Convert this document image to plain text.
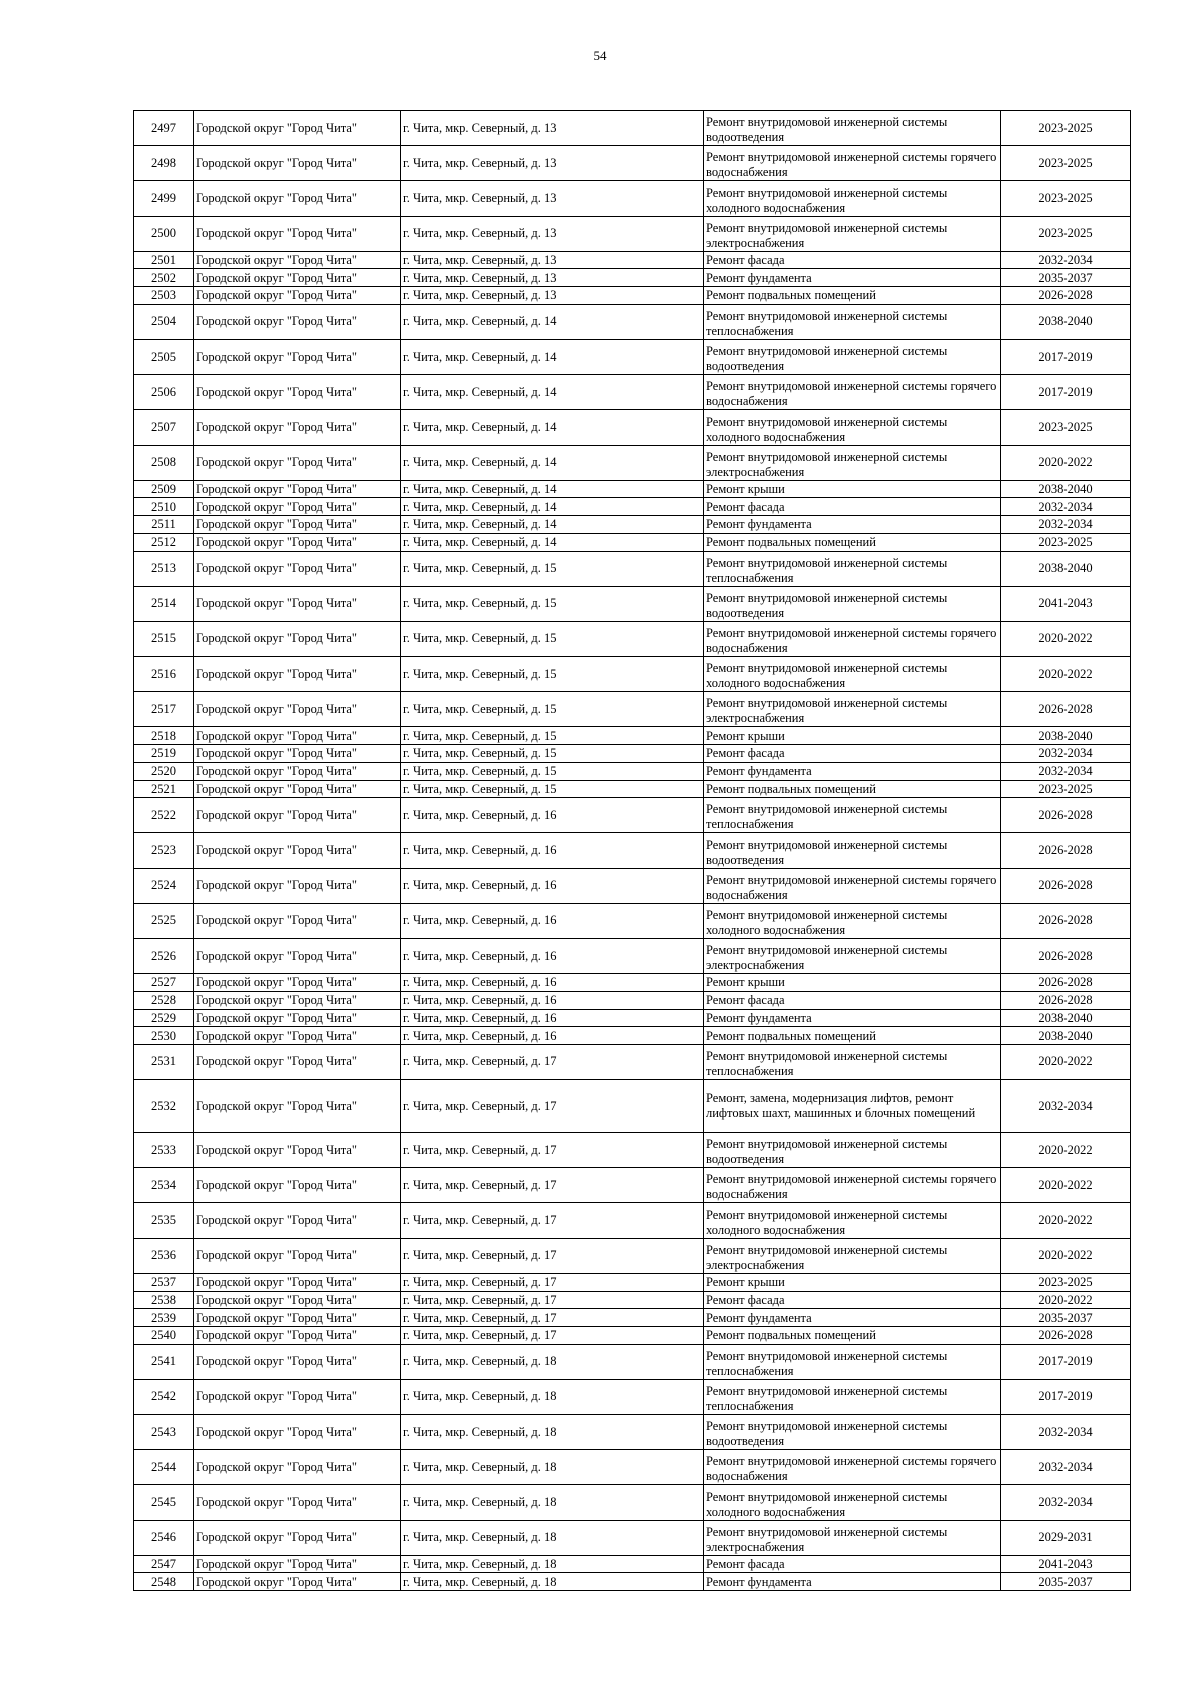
54
2497	Городской округ "Город Чита"	г. Чита, мкр. Северный, д. 13	Ремонт внутридомовой инженерной системы водоотведения	2023-2025
2498	Городской округ "Город Чита"	г. Чита, мкр. Северный, д. 13	Ремонт внутридомовой инженерной системы горячего водоснабжения	2023-2025
2499	Городской округ "Город Чита"	г. Чита, мкр. Северный, д. 13	Ремонт внутридомовой инженерной системы холодного водоснабжения	2023-2025
2500	Городской округ "Город Чита"	г. Чита, мкр. Северный, д. 13	Ремонт внутридомовой инженерной системы электроснабжения	2023-2025
2501	Городской округ "Город Чита"	г. Чита, мкр. Северный, д. 13	Ремонт фасада	2032-2034
2502	Городской округ "Город Чита"	г. Чита, мкр. Северный, д. 13	Ремонт фундамента	2035-2037
2503	Городской округ "Город Чита"	г. Чита, мкр. Северный, д. 13	Ремонт подвальных помещений	2026-2028
2504	Городской округ "Город Чита"	г. Чита, мкр. Северный, д. 14	Ремонт внутридомовой инженерной системы теплоснабжения	2038-2040
2505	Городской округ "Город Чита"	г. Чита, мкр. Северный, д. 14	Ремонт внутридомовой инженерной системы водоотведения	2017-2019
2506	Городской округ "Город Чита"	г. Чита, мкр. Северный, д. 14	Ремонт внутридомовой инженерной системы горячего водоснабжения	2017-2019
2507	Городской округ "Город Чита"	г. Чита, мкр. Северный, д. 14	Ремонт внутридомовой инженерной системы холодного водоснабжения	2023-2025
2508	Городской округ "Город Чита"	г. Чита, мкр. Северный, д. 14	Ремонт внутридомовой инженерной системы электроснабжения	2020-2022
2509	Городской округ "Город Чита"	г. Чита, мкр. Северный, д. 14	Ремонт крыши	2038-2040
2510	Городской округ "Город Чита"	г. Чита, мкр. Северный, д. 14	Ремонт фасада	2032-2034
2511	Городской округ "Город Чита"	г. Чита, мкр. Северный, д. 14	Ремонт фундамента	2032-2034
2512	Городской округ "Город Чита"	г. Чита, мкр. Северный, д. 14	Ремонт подвальных помещений	2023-2025
2513	Городской округ "Город Чита"	г. Чита, мкр. Северный, д. 15	Ремонт внутридомовой инженерной системы теплоснабжения	2038-2040
2514	Городской округ "Город Чита"	г. Чита, мкр. Северный, д. 15	Ремонт внутридомовой инженерной системы водоотведения	2041-2043
2515	Городской округ "Город Чита"	г. Чита, мкр. Северный, д. 15	Ремонт внутридомовой инженерной системы горячего водоснабжения	2020-2022
2516	Городской округ "Город Чита"	г. Чита, мкр. Северный, д. 15	Ремонт внутридомовой инженерной системы холодного водоснабжения	2020-2022
2517	Городской округ "Город Чита"	г. Чита, мкр. Северный, д. 15	Ремонт внутридомовой инженерной системы электроснабжения	2026-2028
2518	Городской округ "Город Чита"	г. Чита, мкр. Северный, д. 15	Ремонт крыши	2038-2040
2519	Городской округ "Город Чита"	г. Чита, мкр. Северный, д. 15	Ремонт фасада	2032-2034
2520	Городской округ "Город Чита"	г. Чита, мкр. Северный, д. 15	Ремонт фундамента	2032-2034
2521	Городской округ "Город Чита"	г. Чита, мкр. Северный, д. 15	Ремонт подвальных помещений	2023-2025
2522	Городской округ "Город Чита"	г. Чита, мкр. Северный, д. 16	Ремонт внутридомовой инженерной системы теплоснабжения	2026-2028
2523	Городской округ "Город Чита"	г. Чита, мкр. Северный, д. 16	Ремонт внутридомовой инженерной системы водоотведения	2026-2028
2524	Городской округ "Город Чита"	г. Чита, мкр. Северный, д. 16	Ремонт внутридомовой инженерной системы горячего водоснабжения	2026-2028
2525	Городской округ "Город Чита"	г. Чита, мкр. Северный, д. 16	Ремонт внутридомовой инженерной системы холодного водоснабжения	2026-2028
2526	Городской округ "Город Чита"	г. Чита, мкр. Северный, д. 16	Ремонт внутридомовой инженерной системы электроснабжения	2026-2028
2527	Городской округ "Город Чита"	г. Чита, мкр. Северный, д. 16	Ремонт крыши	2026-2028
2528	Городской округ "Город Чита"	г. Чита, мкр. Северный, д. 16	Ремонт фасада	2026-2028
2529	Городской округ "Город Чита"	г. Чита, мкр. Северный, д. 16	Ремонт фундамента	2038-2040
2530	Городской округ "Город Чита"	г. Чита, мкр. Северный, д. 16	Ремонт подвальных помещений	2038-2040
2531	Городской округ "Город Чита"	г. Чита, мкр. Северный, д. 17	Ремонт внутридомовой инженерной системы теплоснабжения	2020-2022
2532	Городской округ "Город Чита"	г. Чита, мкр. Северный, д. 17	Ремонт, замена, модернизация лифтов, ремонт лифтовых шахт, машинных и блочных помещений	2032-2034
2533	Городской округ "Город Чита"	г. Чита, мкр. Северный, д. 17	Ремонт внутридомовой инженерной системы водоотведения	2020-2022
2534	Городской округ "Город Чита"	г. Чита, мкр. Северный, д. 17	Ремонт внутридомовой инженерной системы горячего водоснабжения	2020-2022
2535	Городской округ "Город Чита"	г. Чита, мкр. Северный, д. 17	Ремонт внутридомовой инженерной системы холодного водоснабжения	2020-2022
2536	Городской округ "Город Чита"	г. Чита, мкр. Северный, д. 17	Ремонт внутридомовой инженерной системы электроснабжения	2020-2022
2537	Городской округ "Город Чита"	г. Чита, мкр. Северный, д. 17	Ремонт крыши	2023-2025
2538	Городской округ "Город Чита"	г. Чита, мкр. Северный, д. 17	Ремонт фасада	2020-2022
2539	Городской округ "Город Чита"	г. Чита, мкр. Северный, д. 17	Ремонт фундамента	2035-2037
2540	Городской округ "Город Чита"	г. Чита, мкр. Северный, д. 17	Ремонт подвальных помещений	2026-2028
2541	Городской округ "Город Чита"	г. Чита, мкр. Северный, д. 18	Ремонт внутридомовой инженерной системы теплоснабжения	2017-2019
2542	Городской округ "Город Чита"	г. Чита, мкр. Северный, д. 18	Ремонт внутридомовой инженерной системы теплоснабжения	2017-2019
2543	Городской округ "Город Чита"	г. Чита, мкр. Северный, д. 18	Ремонт внутридомовой инженерной системы водоотведения	2032-2034
2544	Городской округ "Город Чита"	г. Чита, мкр. Северный, д. 18	Ремонт внутридомовой инженерной системы горячего водоснабжения	2032-2034
2545	Городской округ "Город Чита"	г. Чита, мкр. Северный, д. 18	Ремонт внутридомовой инженерной системы холодного водоснабжения	2032-2034
2546	Городской округ "Город Чита"	г. Чита, мкр. Северный, д. 18	Ремонт внутридомовой инженерной системы электроснабжения	2029-2031
2547	Городской округ "Город Чита"	г. Чита, мкр. Северный, д. 18	Ремонт фасада	2041-2043
2548	Городской округ "Город Чита"	г. Чита, мкр. Северный, д. 18	Ремонт фундамента	2035-2037
